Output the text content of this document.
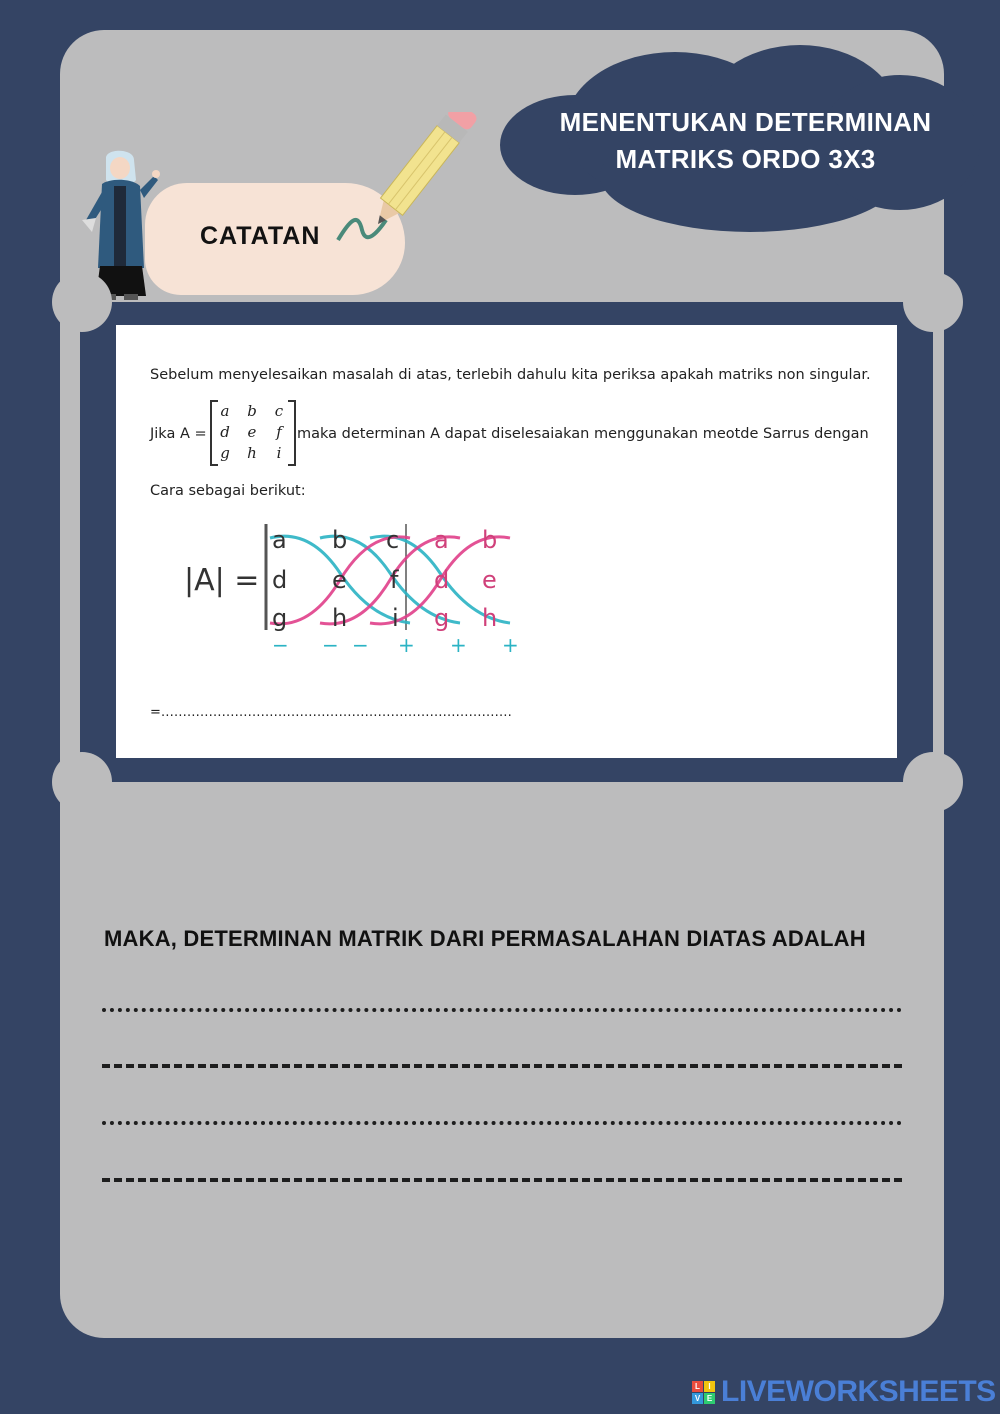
MENENTUKAN DETERMINAN
MATRIKS ORDO 3X3
CATATAN
Sebelum menyelesaikan masalah di atas, terlebih dahulu kita periksa apakah matriks non singular.
Jika A =
a	b	c
d	e	f
g	h	i
maka determinan A dapat diselesaiakan menggunakan meotde Sarrus dengan
Cara sebagai berikut:
|A| =
a b c a b
d e f d e
g h i g h
− − − + + +
=………………………………………………………………………
MAKA, DETERMINAN MATRIK DARI PERMASALAHAN DIATAS ADALAH
L	I
V E LIVEWORKSHEETS
